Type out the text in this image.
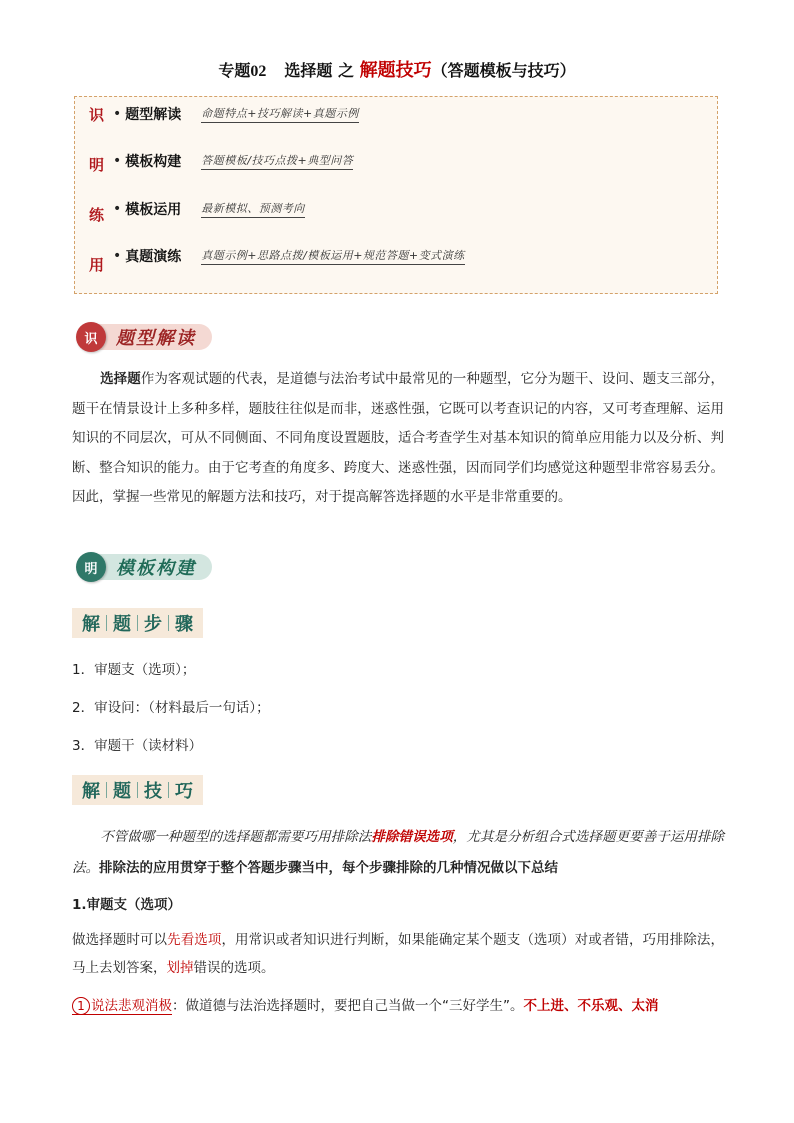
专题02 选择题 之 解题技巧（答题模板与技巧）
识
明
练
用
• 题型解读	命题特点+技巧解读+真题示例
• 模板构建	答题模板/技巧点拨+典型问答
• 模板运用	最新模拟、预测考向
• 真题演练	真题示例+思路点拨/模板运用+规范答题+变式演练
识	题型解读
选择题作为客观试题的代表，是道德与法治考试中最常见的一种题型，它分为题干、设问、题支三部分，题干在情景设计上多种多样，题肢往往似是而非，迷惑性强，它既可以考查识记的内容，又可考查理解、运用知识的不同层次，可从不同侧面、不同角度设置题肢，适合考查学生对基本知识的简单应用能力以及分析、判断、整合知识的能力。由于它考查的角度多、跨度大、迷惑性强，因而同学们均感觉这种题型非常容易丢分。因此，掌握一些常见的解题方法和技巧，对于提高解答选择题的水平是非常重要的。
明	模板构建
解 题 步 骤
1．审题支（选项）；
2．审设问：（材料最后一句话）；
3．审题干（读材料）
解 题 技 巧
不管做哪一种题型的选择题都需要巧用排除法排除错误选项，尤其是分析组合式选择题更要善于运用排除法。排除法的应用贯穿于整个答题步骤当中，每个步骤排除的几种情况做以下总结
1.审题支（选项）
做选择题时可以先看选项，用常识或者知识进行判断，如果能确定某个题支（选项）对或者错，巧用排除法，马上去划答案，划掉错误的选项。
1 说法悲观消极：做道德与法治选择题时，要把自己当做一个“三好学生”。不上进、不乐观、太消
